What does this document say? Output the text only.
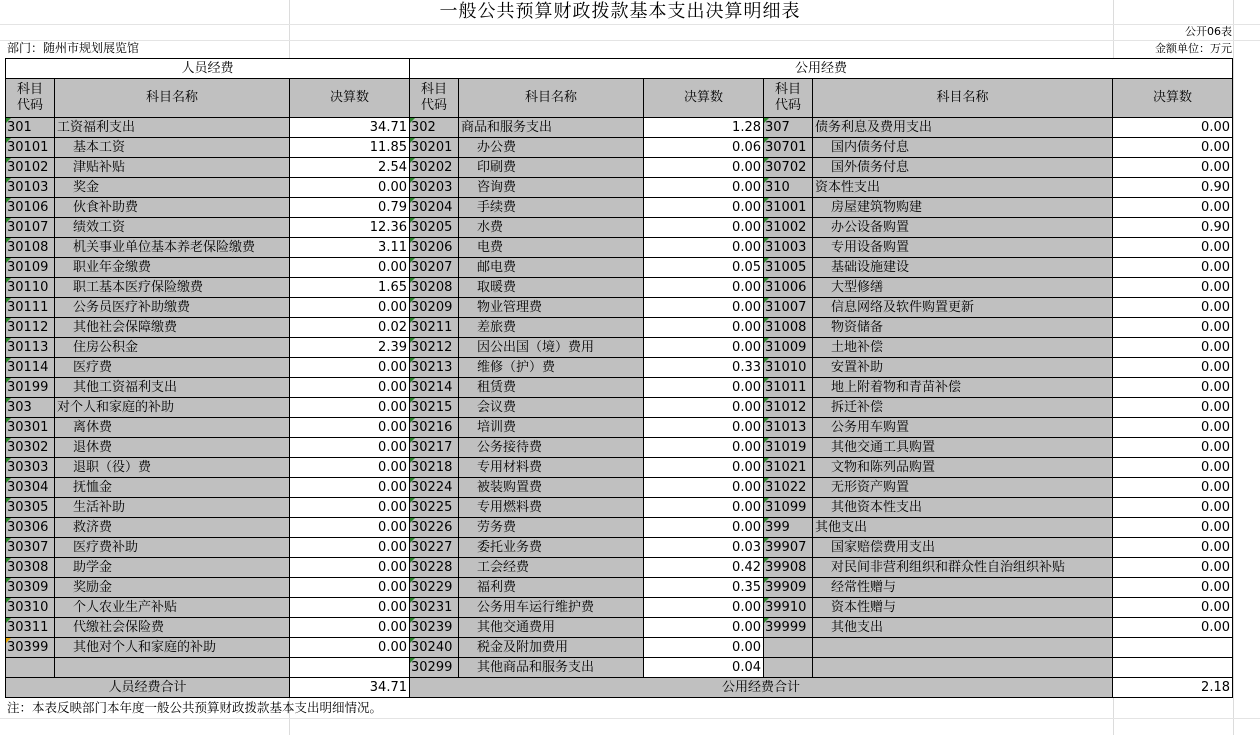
一般公共预算财政拨款基本支出决算明细表
公开06表
部门：随州市规划展览馆	金额单位：万元
人员经费			公用经费					
科目
代码	科目名称	决算数	科目
代码	科目名称	决算数	科目
代码	科目名称	决算数
301	工资福利支出	34.71	302	商品和服务支出	1.28	307	债务利息及费用支出	0.00
30101	基本工资	11.85	30201	办公费	0.06	30701	国内债务付息	0.00
30102	津贴补贴	2.54	30202	印刷费	0.00	30702	国外债务付息	0.00
30103	奖金	0.00	30203	咨询费	0.00	310	资本性支出	0.90
30106	伙食补助费	0.79	30204	手续费	0.00	31001	房屋建筑物购建	0.00
30107	绩效工资	12.36	30205	水费	0.00	31002	办公设备购置	0.90
30108	机关事业单位基本养老保险缴费	3.11	30206	电费	0.00	31003	专用设备购置	0.00
30109	职业年金缴费	0.00	30207	邮电费	0.05	31005	基础设施建设	0.00
30110	职工基本医疗保险缴费	1.65	30208	取暖费	0.00	31006	大型修缮	0.00
30111	公务员医疗补助缴费	0.00	30209	物业管理费	0.00	31007	信息网络及软件购置更新	0.00
30112	其他社会保障缴费	0.02	30211	差旅费	0.00	31008	物资储备	0.00
30113	住房公积金	2.39	30212	因公出国（境）费用	0.00	31009	土地补偿	0.00
30114	医疗费	0.00	30213	维修（护）费	0.33	31010	安置补助	0.00
30199	其他工资福利支出	0.00	30214	租赁费	0.00	31011	地上附着物和青苗补偿	0.00
303	对个人和家庭的补助	0.00	30215	会议费	0.00	31012	拆迁补偿	0.00
30301	离休费	0.00	30216	培训费	0.00	31013	公务用车购置	0.00
30302	退休费	0.00	30217	公务接待费	0.00	31019	其他交通工具购置	0.00
30303	退职（役）费	0.00	30218	专用材料费	0.00	31021	文物和陈列品购置	0.00
30304	抚恤金	0.00	30224	被装购置费	0.00	31022	无形资产购置	0.00
30305	生活补助	0.00	30225	专用燃料费	0.00	31099	其他资本性支出	0.00
30306	救济费	0.00	30226	劳务费	0.00	399	其他支出	0.00
30307	医疗费补助	0.00	30227	委托业务费	0.03	39907	国家赔偿费用支出	0.00
30308	助学金	0.00	30228	工会经费	0.42	39908	对民间非营利组织和群众性自治组织补贴	0.00
30309	奖励金	0.00	30229	福利费	0.35	39909	经常性赠与	0.00
30310	个人农业生产补贴	0.00	30231	公务用车运行维护费	0.00	39910	资本性赠与	0.00
30311	代缴社会保险费	0.00	30239	其他交通费用	0.00	39999	其他支出	0.00
30399	其他对个人和家庭的补助	0.00	30240	税金及附加费用	0.00			
			30299	其他商品和服务支出	0.04			
人员经费合计		34.71	公用经费合计					2.18
注：本表反映部门本年度一般公共预算财政拨款基本支出明细情况。
